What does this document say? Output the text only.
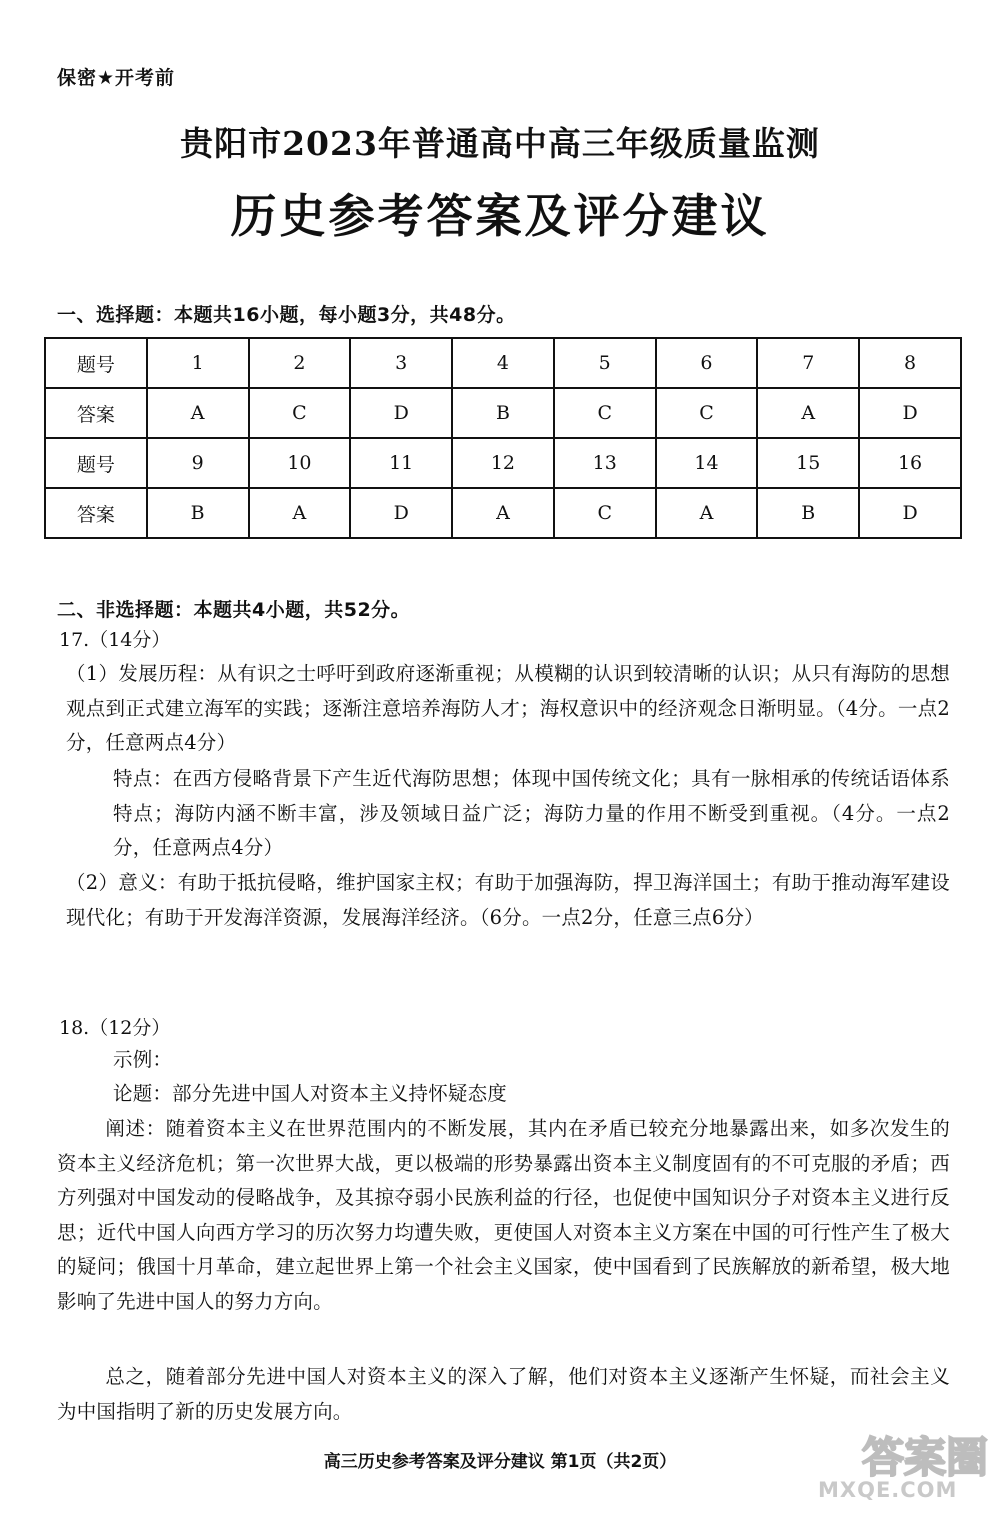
保密★开考前
贵阳市2023年普通高中高三年级质量监测
历史参考答案及评分建议
一、选择题：本题共16小题，每小题3分，共48分。
题号	1	2	3	4	5	6	7	8
答案	A	C	D	B	C	C	A	D
题号	9	10	11	12	13	14	15	16
答案	B	A	D	A	C	A	B	D
二、非选择题：本题共4小题，共52分。
17.（14分）
（1）发展历程：从有识之士呼吁到政府逐渐重视；从模糊的认识到较清晰的认识；从只有海防的思想观点到正式建立海军的实践；逐渐注意培养海防人才；海权意识中的经济观念日渐明显。（4分。一点2分，任意两点4分）
特点：在西方侵略背景下产生近代海防思想；体现中国传统文化；具有一脉相承的传统话语体系特点；海防内涵不断丰富，涉及领域日益广泛；海防力量的作用不断受到重视。（4分。一点2分，任意两点4分）
（2）意义：有助于抵抗侵略，维护国家主权；有助于加强海防，捍卫海洋国土；有助于推动海军建设现代化；有助于开发海洋资源，发展海洋经济。（6分。一点2分，任意三点6分）
18.（12分）
示例：
论题：部分先进中国人对资本主义持怀疑态度
阐述：随着资本主义在世界范围内的不断发展，其内在矛盾已较充分地暴露出来，如多次发生的资本主义经济危机；第一次世界大战，更以极端的形势暴露出资本主义制度固有的不可克服的矛盾；西方列强对中国发动的侵略战争，及其掠夺弱小民族利益的行径，也促使中国知识分子对资本主义进行反思；近代中国人向西方学习的历次努力均遭失败，更使国人对资本主义方案在中国的可行性产生了极大的疑问；俄国十月革命，建立起世界上第一个社会主义国家，使中国看到了民族解放的新希望，极大地影响了先进中国人的努力方向。
总之，随着部分先进中国人对资本主义的深入了解，他们对资本主义逐渐产生怀疑，而社会主义为中国指明了新的历史发展方向。
高三历史参考答案及评分建议 第1页（共2页）	答案圈
MXQE.COM
